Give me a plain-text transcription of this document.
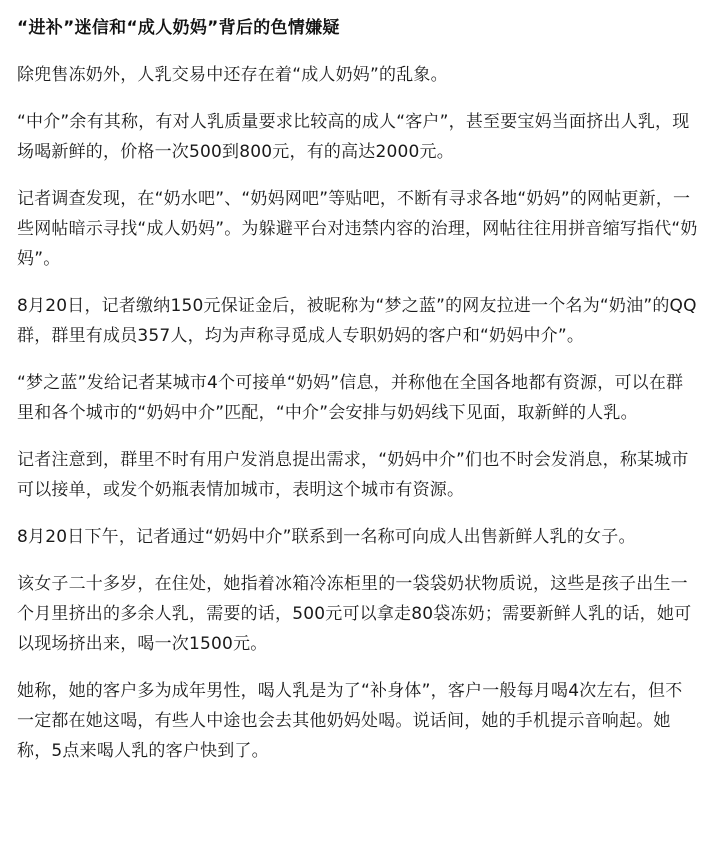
“进补”迷信和“成人奶妈”背后的色情嫌疑

除兜售冻奶外，人乳交易中还存在着“成人奶妈”的乱象。

“中介”余有其称，有对人乳质量要求比较高的成人“客户”，甚至要宝妈当面挤出人乳，现场喝新鲜的，价格一次500到800元，有的高达2000元。

记者调查发现，在“奶水吧”、“奶妈网吧”等贴吧，不断有寻求各地“奶妈”的网帖更新，一些网帖暗示寻找“成人奶妈”。为躲避平台对违禁内容的治理，网帖往往用拼音缩写指代“奶妈”。

8月20日，记者缴纳150元保证金后，被昵称为“梦之蓝”的网友拉进一个名为“奶油”的QQ群，群里有成员357人，均为声称寻觅成人专职奶妈的客户和“奶妈中介”。

“梦之蓝”发给记者某城市4个可接单“奶妈”信息，并称他在全国各地都有资源，可以在群里和各个城市的“奶妈中介”匹配，“中介”会安排与奶妈线下见面，取新鲜的人乳。

记者注意到，群里不时有用户发消息提出需求，“奶妈中介”们也不时会发消息，称某城市可以接单，或发个奶瓶表情加城市，表明这个城市有资源。

8月20日下午，记者通过“奶妈中介”联系到一名称可向成人出售新鲜人乳的女子。

该女子二十多岁，在住处，她指着冰箱冷冻柜里的一袋袋奶状物质说，这些是孩子出生一个月里挤出的多余人乳，需要的话，500元可以拿走80袋冻奶；需要新鲜人乳的话，她可以现场挤出来，喝一次1500元。

她称，她的客户多为成年男性，喝人乳是为了“补身体”，客户一般每月喝4次左右，但不一定都在她这喝，有些人中途也会去其他奶妈处喝。说话间，她的手机提示音响起。她称，5点来喝人乳的客户快到了。
